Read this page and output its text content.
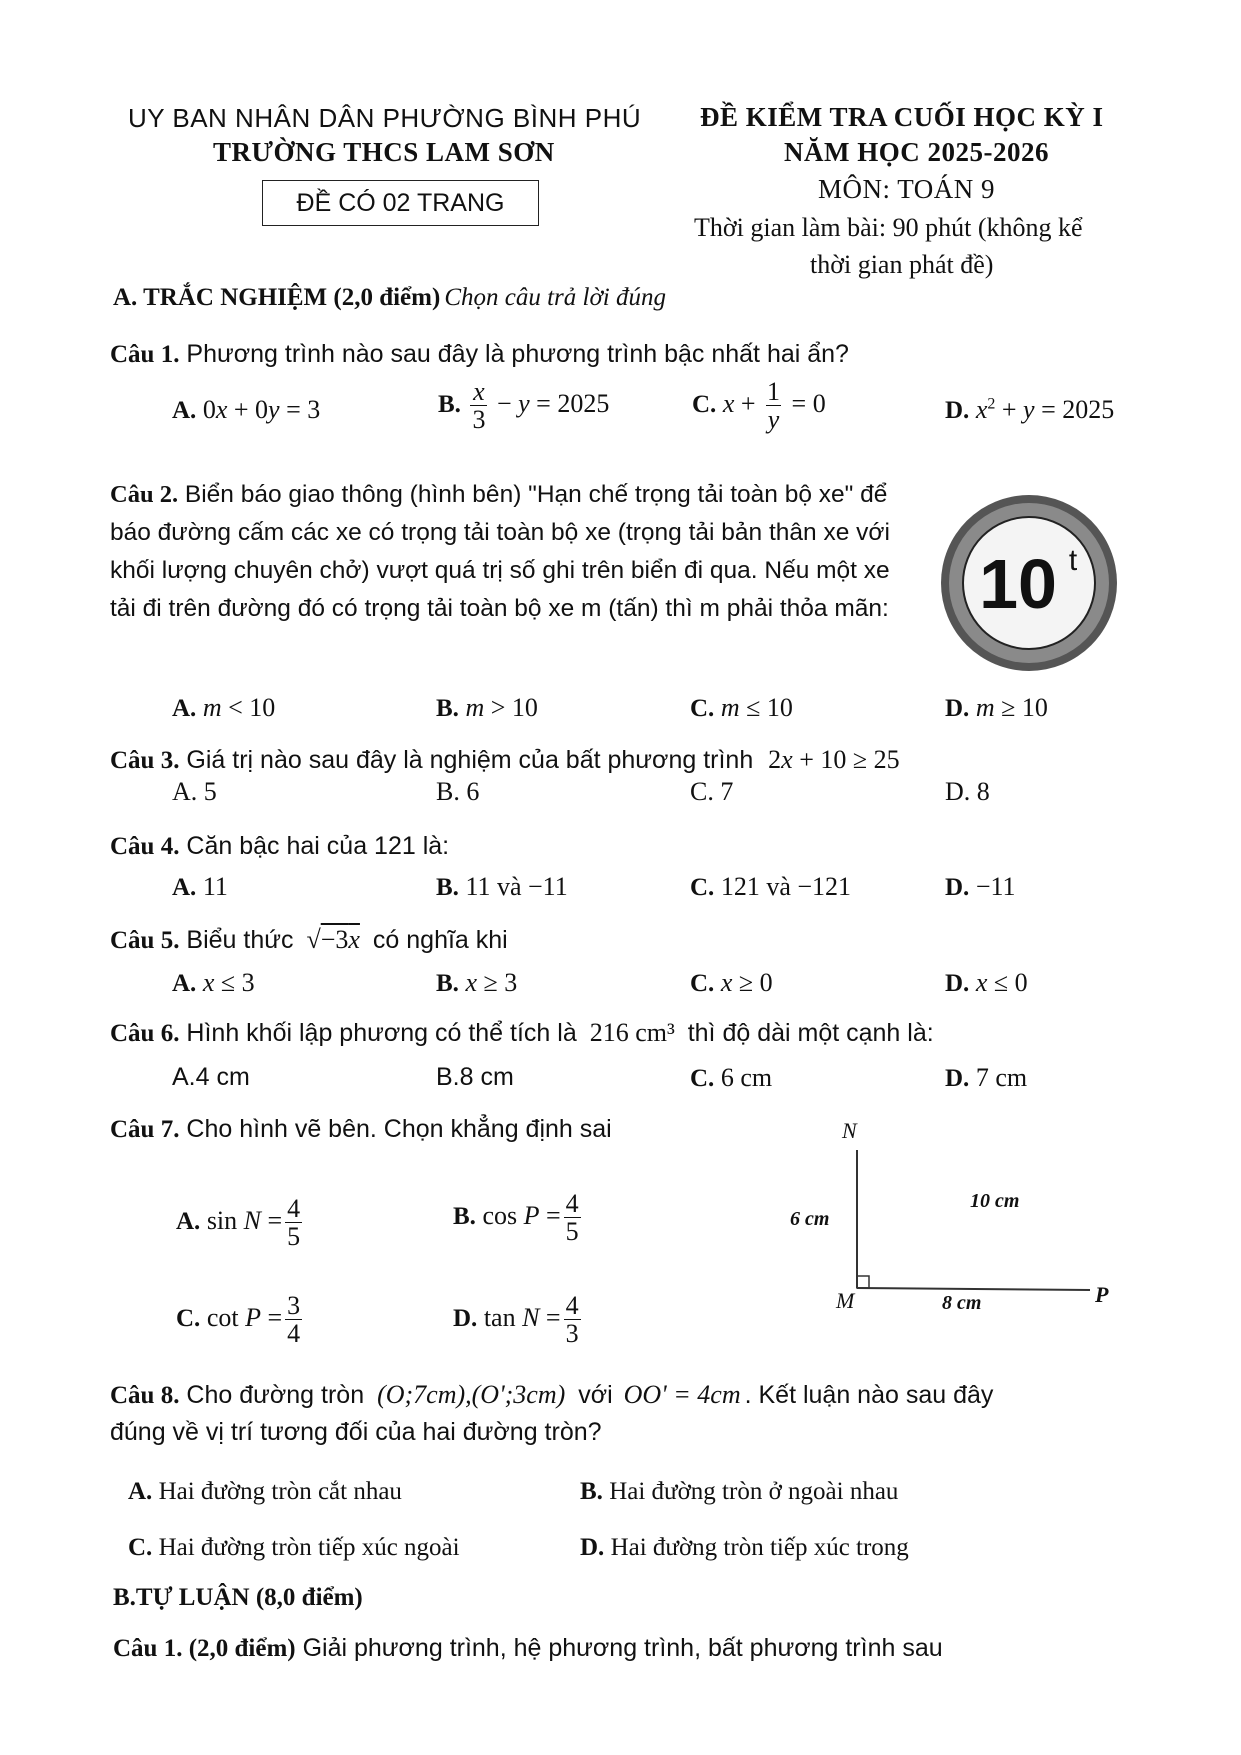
UY BAN NHÂN DÂN PHƯỜNG BÌNH PHÚ
TRƯỜNG THCS LAM SƠN
ĐỀ CÓ 02 TRANG
ĐỀ KIỂM TRA CUỐI HỌC KỲ I
NĂM HỌC 2025-2026
MÔN: TOÁN 9
Thời gian làm bài: 90 phút (không kể
thời gian phát đề)
A. TRẮC NGHIỆM (2,0 điểm) Chọn câu trả lời đúng
Câu 1. Phương trình nào sau đây là phương trình bậc nhất hai ẩn?
A. 0x + 0y = 3	B. $\frac{x}{3} - y = 2025$	C. $x + \frac{1}{y} = 0$	D. $x^2 + y = 2025$
Câu 2. Biển báo giao thông (hình bên) "Hạn chế trọng tải toàn bộ xe" để báo đường cấm các xe có trọng tải toàn bộ xe (trọng tải bản thân xe với khối lượng chuyên chở) vượt quá trị số ghi trên biển đi qua. Nếu một xe tải đi trên đường đó có trọng tải toàn bộ xe m (tấn) thì m phải thỏa mãn: 10 t
A. m < 10	B. m > 10	C. m ≤ 10	D. m ≥ 10
Câu 3. Giá trị nào sau đây là nghiệm của bất phương trình 2x + 10 ≥ 25
A. 5	B. 6	C. 7	D. 8
Câu 4. Căn bậc hai của 121 là:
A. 11	B. 11 và −11	C. 121 và −121	D. −11
Câu 5. Biểu thức √−3x có nghĩa khi
A. x ≤ 3	B. x ≥ 3	C. x ≥ 0	D. x ≤ 0
Câu 6. Hình khối lập phương có thể tích là 216 cm³ thì độ dài một cạnh là:
A.4 cm	B.8 cm	C. 6 cm	D. 7 cm
Câu 7. Cho hình vẽ bên. Chọn khẳng định sai
A. $\sin N = \frac{4}{5}$	B. $\cos P = \frac{4}{5}$
C. $\cot P = \frac{3}{4}$	D. $\tan N = \frac{4}{3}$
N
M	P
6 cm
10 cm
8 cm
Câu 8. Cho đường tròn (O;7cm),(O';3cm) với OO' = 4cm . Kết luận nào sau đây
đúng về vị trí tương đối của hai đường tròn?
A. Hai đường tròn cắt nhau	B. Hai đường tròn ở ngoài nhau
C. Hai đường tròn tiếp xúc ngoài	D. Hai đường tròn tiếp xúc trong
B.TỰ LUẬN (8,0 điểm)
Câu 1. (2,0 điểm) Giải phương trình, hệ phương trình, bất phương trình sau
